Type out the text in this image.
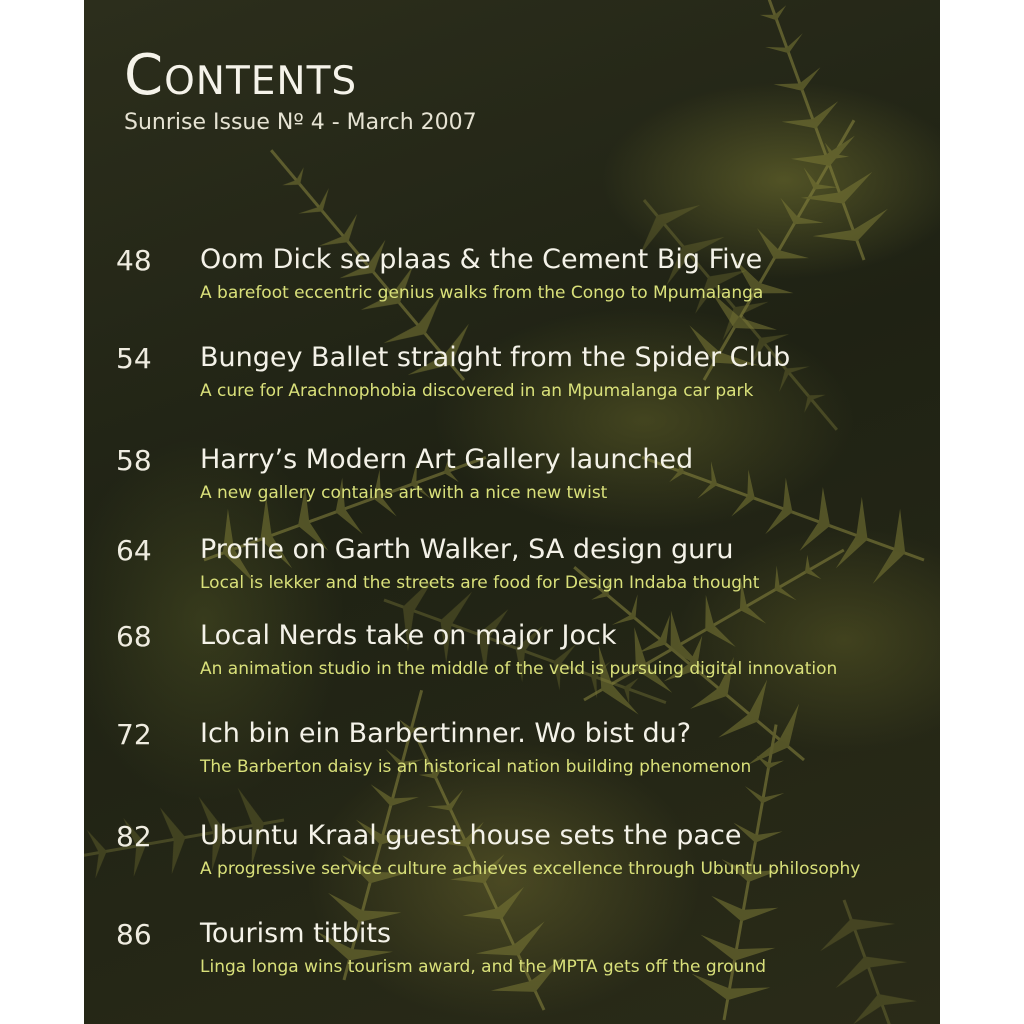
Contents
Sunrise Issue Nº 4 - March 2007
48	Oom Dick se plaas & the Cement Big Five
A barefoot eccentric genius walks from the Congo to Mpumalanga
54	Bungey Ballet straight from the Spider Club
A cure for Arachnophobia discovered in an Mpumalanga car park
58	Harry’s Modern Art Gallery launched
A new gallery contains art with a nice new twist
64	Profile on Garth Walker, SA design guru
Local is lekker and the streets are food for Design Indaba thought
68	Local Nerds take on major Jock
An animation studio in the middle of the veld is pursuing digital innovation
72	Ich bin ein Barbertinner. Wo bist du?
The Barberton daisy is an historical nation building phenomenon
82	Ubuntu Kraal guest house sets the pace
A progressive service culture achieves excellence through Ubuntu philosophy
86	Tourism titbits
Linga longa wins tourism award, and the MPTA gets off the ground
